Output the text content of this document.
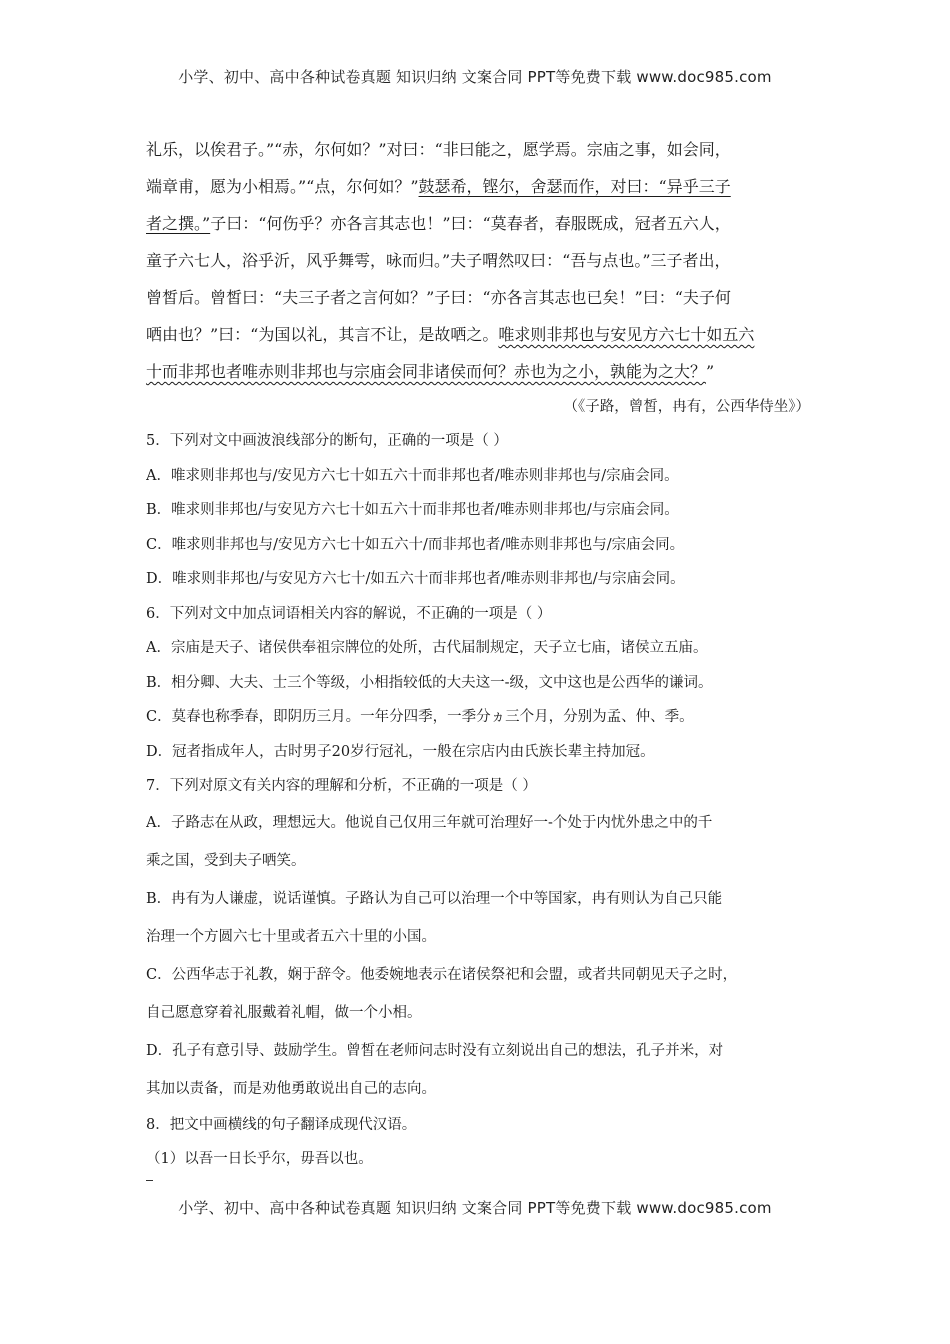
小学、初中、高中各种试卷真题 知识归纳 文案合同 PPT等免费下载 www.doc985.com
礼乐，以俟君子。”“赤，尔何如？”对曰：“非曰能之，愿学焉。宗庙 · ·之事，如会同，
端章甫，愿为小相焉。”“点，尔何如？”鼓瑟希，铿尔，舍瑟而作，对曰：“异乎三子
者之撰。”子曰：“何伤乎？亦各言其志也！”曰：“莫春 · ·者，春服既成，冠者 · ·五六人，
童子六七人，浴乎沂，风乎舞雩，咏而归。”夫子喟然叹曰：“吾与点也。”三子者出，
曾皙后。曾皙曰：“夫三子者之言何如？”子曰：“亦各言其志也已矣！”曰：“夫子何
哂由也？”曰：“为国以礼，其言不让，是故哂之。唯求则非邦也与安见方六七十如五六
十而非邦也者唯赤则非邦也与宗庙会同非诸侯而何？赤也为之小，孰能为之大？”
（《子路，曾皙，冉有，公西华侍坐》）
5．下列对文中画波浪线部分的断句，正确的一项是（ ）
A．唯求则非邦也与/安见方六七十如五六十而非邦也者/唯赤则非邦也与/宗庙会同。
B．唯求则非邦也/与安见方六七十如五六十而非邦也者/唯赤则非邦也/与宗庙会同。
C．唯求则非邦也与/安见方六七十如五六十/而非邦也者/唯赤则非邦也与/宗庙会同。
D．唯求则非邦也/与安见方六七十/如五六十而非邦也者/唯赤则非邦也/与宗庙会同。
6．下列对文中加点词语相关内容的解说，不正确的一项是（ ）
A．宗庙是天子、诸侯供奉祖宗牌位的处所，古代届制规定，天子立七庙，诸侯立五庙。
B．相分卿、大夫、士三个等级，小相指较低的大夫这一-级，文中这也是公西华的谦词。
C．莫春也称季春，即阴历三月。一年分四季，一季分ヵ三个月，分别为孟、仲、季。
D．冠者指成年人，古时男子20岁行冠礼，一般在宗店内由氏族长辈主持加冠。
7．下列对原文有关内容的理解和分析，不正确的一项是（ ）
A．子路志在从政，理想远大。他说自己仅用三年就可治理好一-个处于内忧外患之中的千
乘之国，受到夫子哂笑。
B．冉有为人谦虚，说话谨慎。子路认为自己可以治理一个中等国家，冉有则认为自己只能
治理一个方圆六七十里或者五六十里的小国。
C．公西华志于礼教，娴于辞令。他委婉地表示在诸侯祭祀和会盟，或者共同朝见天子之时，
自己愿意穿着礼服戴着礼帽，做一个小相。
D．孔子有意引导、鼓励学生。曾皙在老师问志时没有立刻说出自己的想法，孔子并米，对
其加以责备，而是劝他勇敢说出自己的志向。
8．把文中画横线的句子翻译成现代汉语。
（1）以吾一日长乎尔，毋吾以也。
小学、初中、高中各种试卷真题 知识归纳 文案合同 PPT等免费下载 www.doc985.com
